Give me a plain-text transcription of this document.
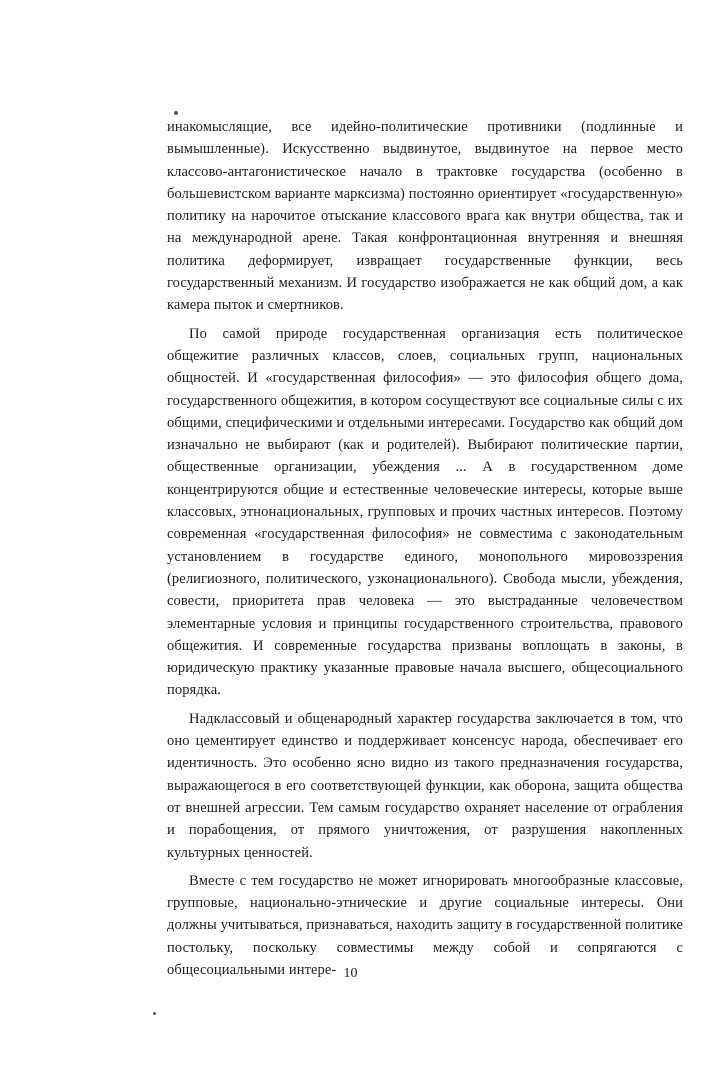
инакомыслящие, все идейно-политические противники (подлинные и вымышленные). Искусственно выдвинутое, выдвинутое на первое место классово-антагонистическое начало в трактовке государства (особенно в большевистском варианте марксизма) постоянно ориентирует «государственную» политику на нарочитое отыскание классового врага как внутри общества, так и на международной арене. Такая конфронтационная внутренняя и внешняя политика деформирует, извращает государственные функции, весь государственный механизм. И государство изображается не как общий дом, а как камера пыток и смертников.

По самой природе государственная организация есть политическое общежитие различных классов, слоев, социальных групп, национальных общностей. И «государственная философия» — это философия общего дома, государственного общежития, в котором сосуществуют все социальные силы с их общими, специфическими и отдельными интересами. Государство как общий дом изначально не выбирают (как и родителей). Выбирают политические партии, общественные организации, убеждения ... А в государственном доме концентрируются общие и естественные человеческие интересы, которые выше классовых, этнонациональных, групповых и прочих частных интересов. Поэтому современная «государственная философия» не совместима с законодательным установлением в государстве единого, монопольного мировоззрения (религиозного, политического, узконационального). Свобода мысли, убеждения, совести, приоритета прав человека — это выстраданные человечеством элементарные условия и принципы государственного строительства, правового общежития. И современные государства призваны воплощать в законы, в юридическую практику указанные правовые начала высшего, общесоциального порядка.

Надклассовый и общенародный характер государства заключается в том, что оно цементирует единство и поддерживает консенсус народа, обеспечивает его идентичность. Это особенно ясно видно из такого предназначения государства, выражающегося в его соответствующей функции, как оборона, защита общества от внешней агрессии. Тем самым государство охраняет население от ограбления и порабощения, от прямого уничтожения, от разрушения накопленных культурных ценностей.

Вместе с тем государство не может игнорировать многообразные классовые, групповые, национально-этнические и другие социальные интересы. Они должны учитываться, признаваться, находить защиту в государственной политике постольку, поскольку совместимы между собой и сопрягаются с общесоциальными интере- 10
